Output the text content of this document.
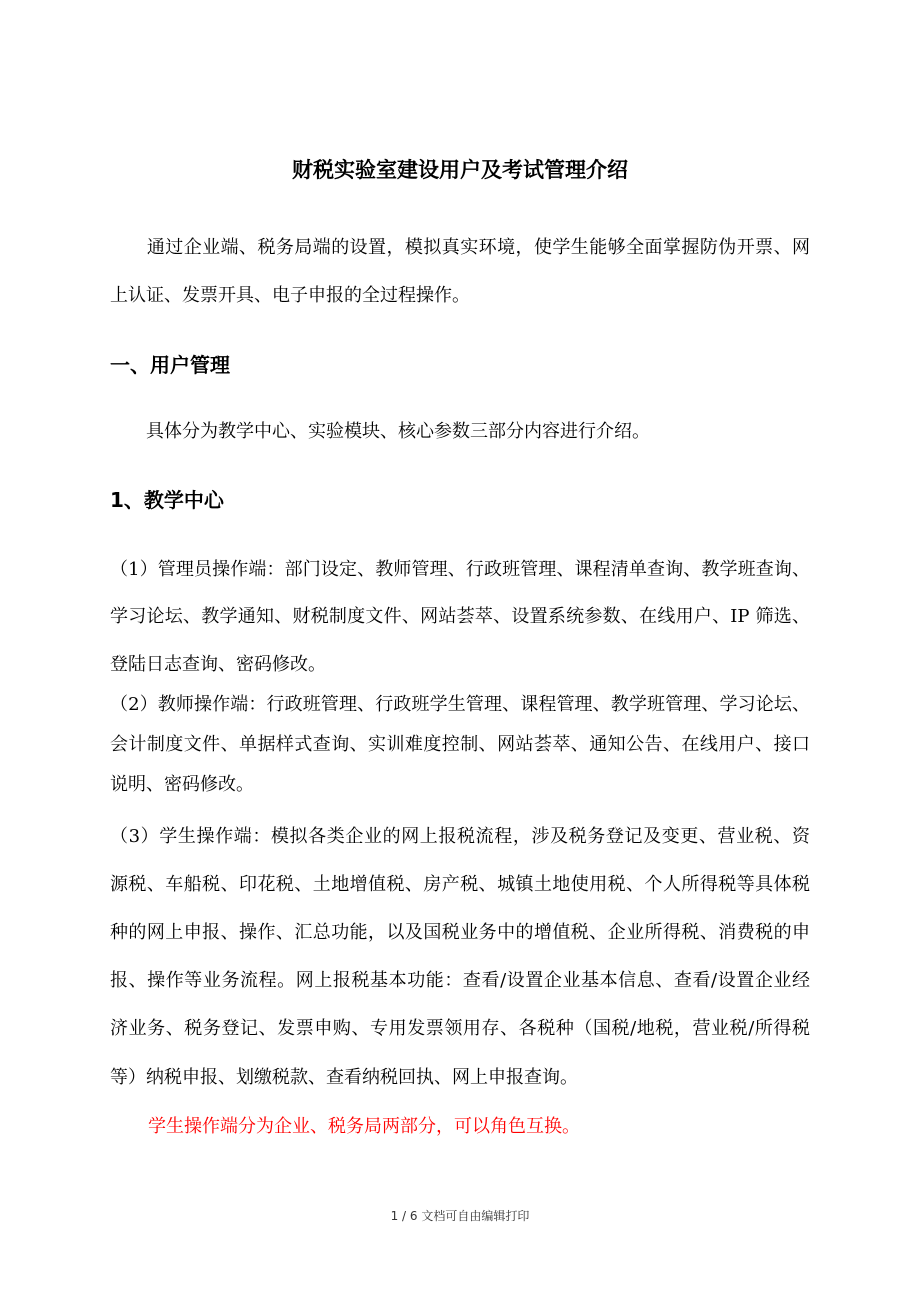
财税实验室建设用户及考试管理介绍
　　通过企业端、税务局端的设置，模拟真实环境，使学生能够全面掌握防伪开票、网
上认证、发票开具、电子申报的全过程操作。
一、用户管理
　　具体分为教学中心、实验模块、核心参数三部分内容进行介绍。
1、教学中心
（1）管理员操作端：部门设定、教师管理、行政班管理、课程清单查询、教学班查询、
学习论坛、教学通知、财税制度文件、网站荟萃、设置系统参数、在线用户、IP 筛选、
登陆日志查询、密码修改。
（2）教师操作端：行政班管理、行政班学生管理、课程管理、教学班管理、学习论坛、
会计制度文件、单据样式查询、实训难度控制、网站荟萃、通知公告、在线用户、接口
说明、密码修改。
（3）学生操作端：模拟各类企业的网上报税流程，涉及税务登记及变更、营业税、资
源税、车船税、印花税、土地增值税、房产税、城镇土地使用税、个人所得税等具体税
种的网上申报、操作、汇总功能，以及国税业务中的增值税、企业所得税、消费税的申
报、操作等业务流程。网上报税基本功能：查看/设置企业基本信息、查看/设置企业经
济业务、税务登记、发票申购、专用发票领用存、各税种（国税/地税，营业税/所得税
等）纳税申报、划缴税款、查看纳税回执、网上申报查询。
学生操作端分为企业、税务局两部分，可以角色互换。
1 / 6 文档可自由编辑打印
